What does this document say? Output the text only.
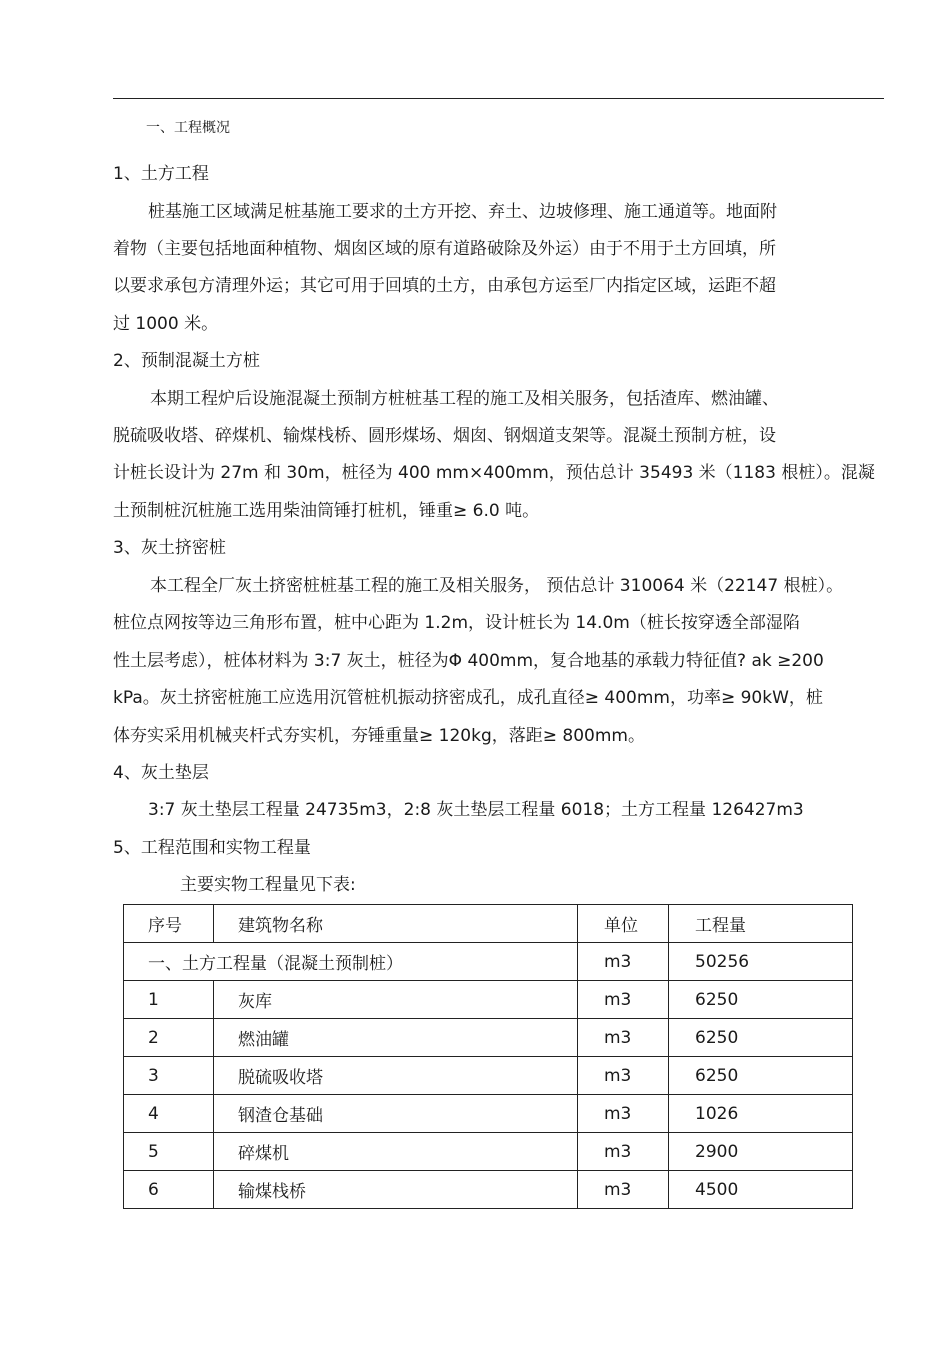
一、工程概况
1、土方工程
桩基施工区域满足桩基施工要求的土方开挖、弃土、边坡修理、施工通道等。地面附
着物（主要包括地面种植物、烟囱区域的原有道路破除及外运）由于不用于土方回填，所
以要求承包方清理外运；其它可用于回填的土方，由承包方运至厂内指定区域，运距不超
过 1000 米。
2、预制混凝土方桩
本期工程炉后设施混凝土预制方桩桩基工程的施工及相关服务，包括渣库、燃油罐、
脱硫吸收塔、碎煤机、输煤栈桥、圆形煤场、烟囱、钢烟道支架等。混凝土预制方桩，设
计桩长设计为 27m 和 30m，桩径为 400 mm×400mm，预估总计 35493 米（1183 根桩）。混凝
土预制桩沉桩施工选用柴油筒锤打桩机，锤重≥ 6.0 吨。
3、灰土挤密桩
本工程全厂灰土挤密桩桩基工程的施工及相关服务， 预估总计 310064 米（22147 根桩）。
桩位点网按等边三角形布置，桩中心距为 1.2m，设计桩长为 14.0m（桩长按穿透全部湿陷
性土层考虑），桩体材料为 3:7 灰土，桩径为Φ 400mm，复合地基的承载力特征值? ak ≥200
kPa。灰土挤密桩施工应选用沉管桩机振动挤密成孔，成孔直径≥ 400mm，功率≥ 90kW，桩
体夯实采用机械夹杆式夯实机，夯锤重量≥ 120kg，落距≥ 800mm。
4、灰土垫层
3:7 灰土垫层工程量 24735m3，2:8 灰土垫层工程量 6018；土方工程量 126427m3
5、工程范围和实物工程量
主要实物工程量见下表:
序号	建筑物名称	单位	工程量
一、土方工程量（混凝土预制桩）		m3	50256
1	灰库	m3	6250
2	燃油罐	m3	6250
3	脱硫吸收塔	m3	6250
4	钢渣仓基础	m3	1026
5	碎煤机	m3	2900
6	输煤栈桥	m3	4500
